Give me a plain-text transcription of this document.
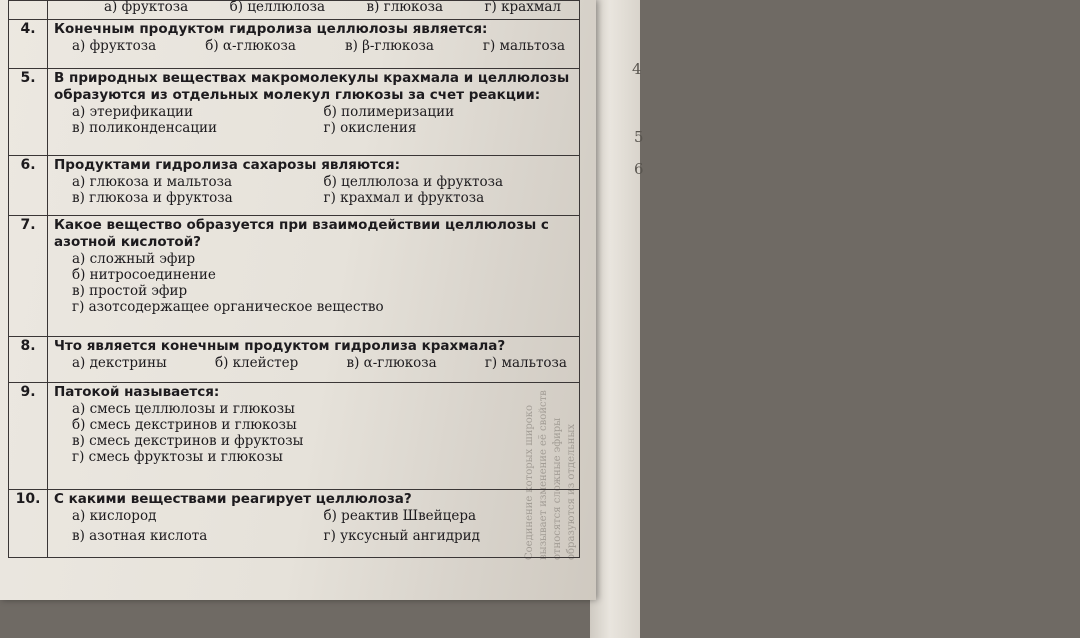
4
5
6
Соединение которых широко вызывает изменение её свойств относятся сложные эфиры образуются из отдельных

	а) фруктоза б) целлюлоза в) глюкоза г) крахмал

4.	Конечным продуктом гидролиза целлюлозы является:
а) фруктоза б) α-глюкоза в) β-глюкоза г) мальтоза

5.	В природных веществах макромолекулы крахмала и целлюлозы образуются из отдельных молекул глюкозы за счет реакции:
а) этерификации б) полимеризации
в) поликонденсации г) окисления

6.	Продуктами гидролиза сахарозы являются:
а) глюкоза и мальтоза б) целлюлоза и фруктоза
в) глюкоза и фруктоза г) крахмал и фруктоза

7.	Какое вещество образуется при взаимодействии целлюлозы с азотной кислотой?
а) сложный эфир
б) нитросоединение
в) простой эфир
г) азотсодержащее органическое вещество

8.	Что является конечным продуктом гидролиза крахмала?
а) декстрины б) клейстер в) α-глюкоза г) мальтоза

9.	Патокой называется:
а) смесь целлюлозы и глюкозы
б) смесь декстринов и глюкозы
в) смесь декстринов и фруктозы
г) смесь фруктозы и глюкозы

10.	С какими веществами реагирует целлюлоза?
а) кислород б) реактив Швейцера
в) азотная кислота г) уксусный ангидрид
